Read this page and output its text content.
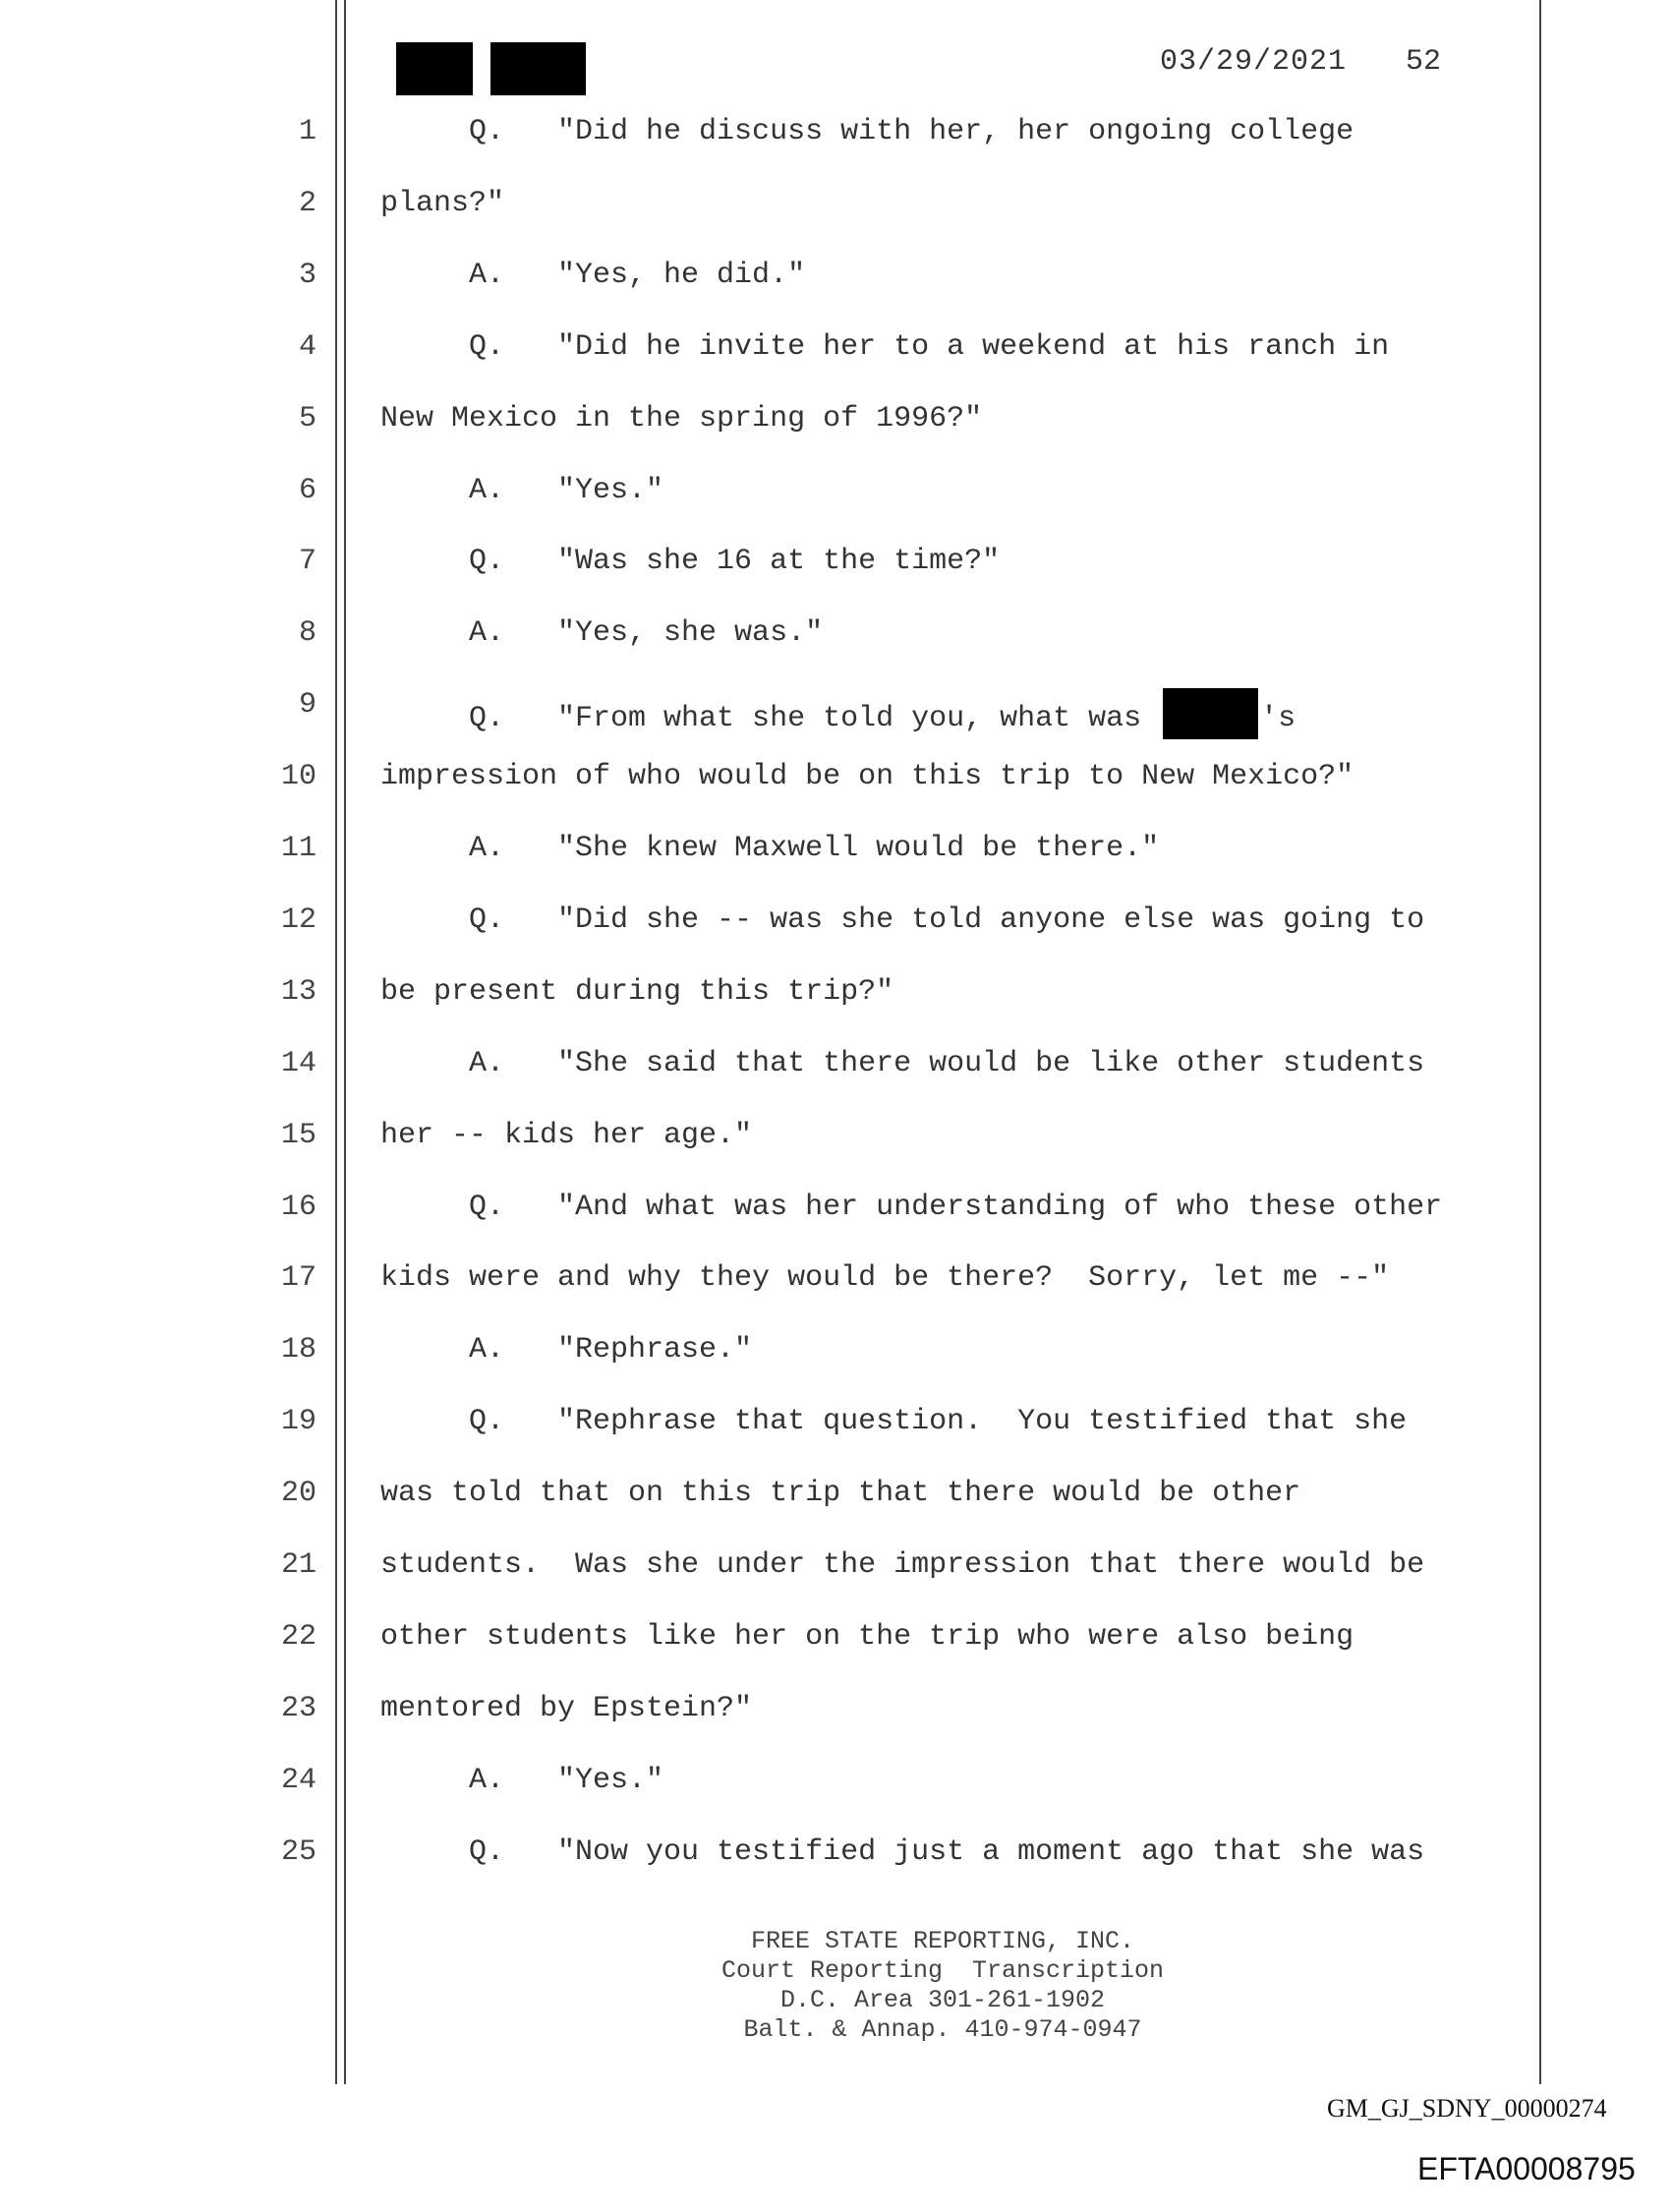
03/29/2021 52
1 Q.   "Did he discuss with her, her ongoing college
2 plans?"
3 A.   "Yes, he did."
4 Q.   "Did he invite her to a weekend at his ranch in
5 New Mexico in the spring of 1996?"
6 A.   "Yes."
7 Q.   "Was she 16 at the time?"
8 A.   "Yes, she was."
9 Q.   "From what she told you, what was	's
10 impression of who would be on this trip to New Mexico?"
11 A.   "She knew Maxwell would be there."
12 Q.   "Did she -- was she told anyone else was going to
13 be present during this trip?"
14 A.   "She said that there would be like other students
15 her -- kids her age."
16 Q.   "And what was her understanding of who these other
17 kids were and why they would be there?  Sorry, let me --"
18 A.   "Rephrase."
19 Q.   "Rephrase that question.  You testified that she
20 was told that on this trip that there would be other
21 students.  Was she under the impression that there would be
22 other students like her on the trip who were also being
23 mentored by Epstein?"
24 A.   "Yes."
25 Q.   "Now you testified just a moment ago that she was
FREE STATE REPORTING, INC.
Court Reporting  Transcription
D.C. Area 301-261-1902
Balt. & Annap. 410-974-0947
GM_GJ_SDNY_00000274
EFTA00008795
